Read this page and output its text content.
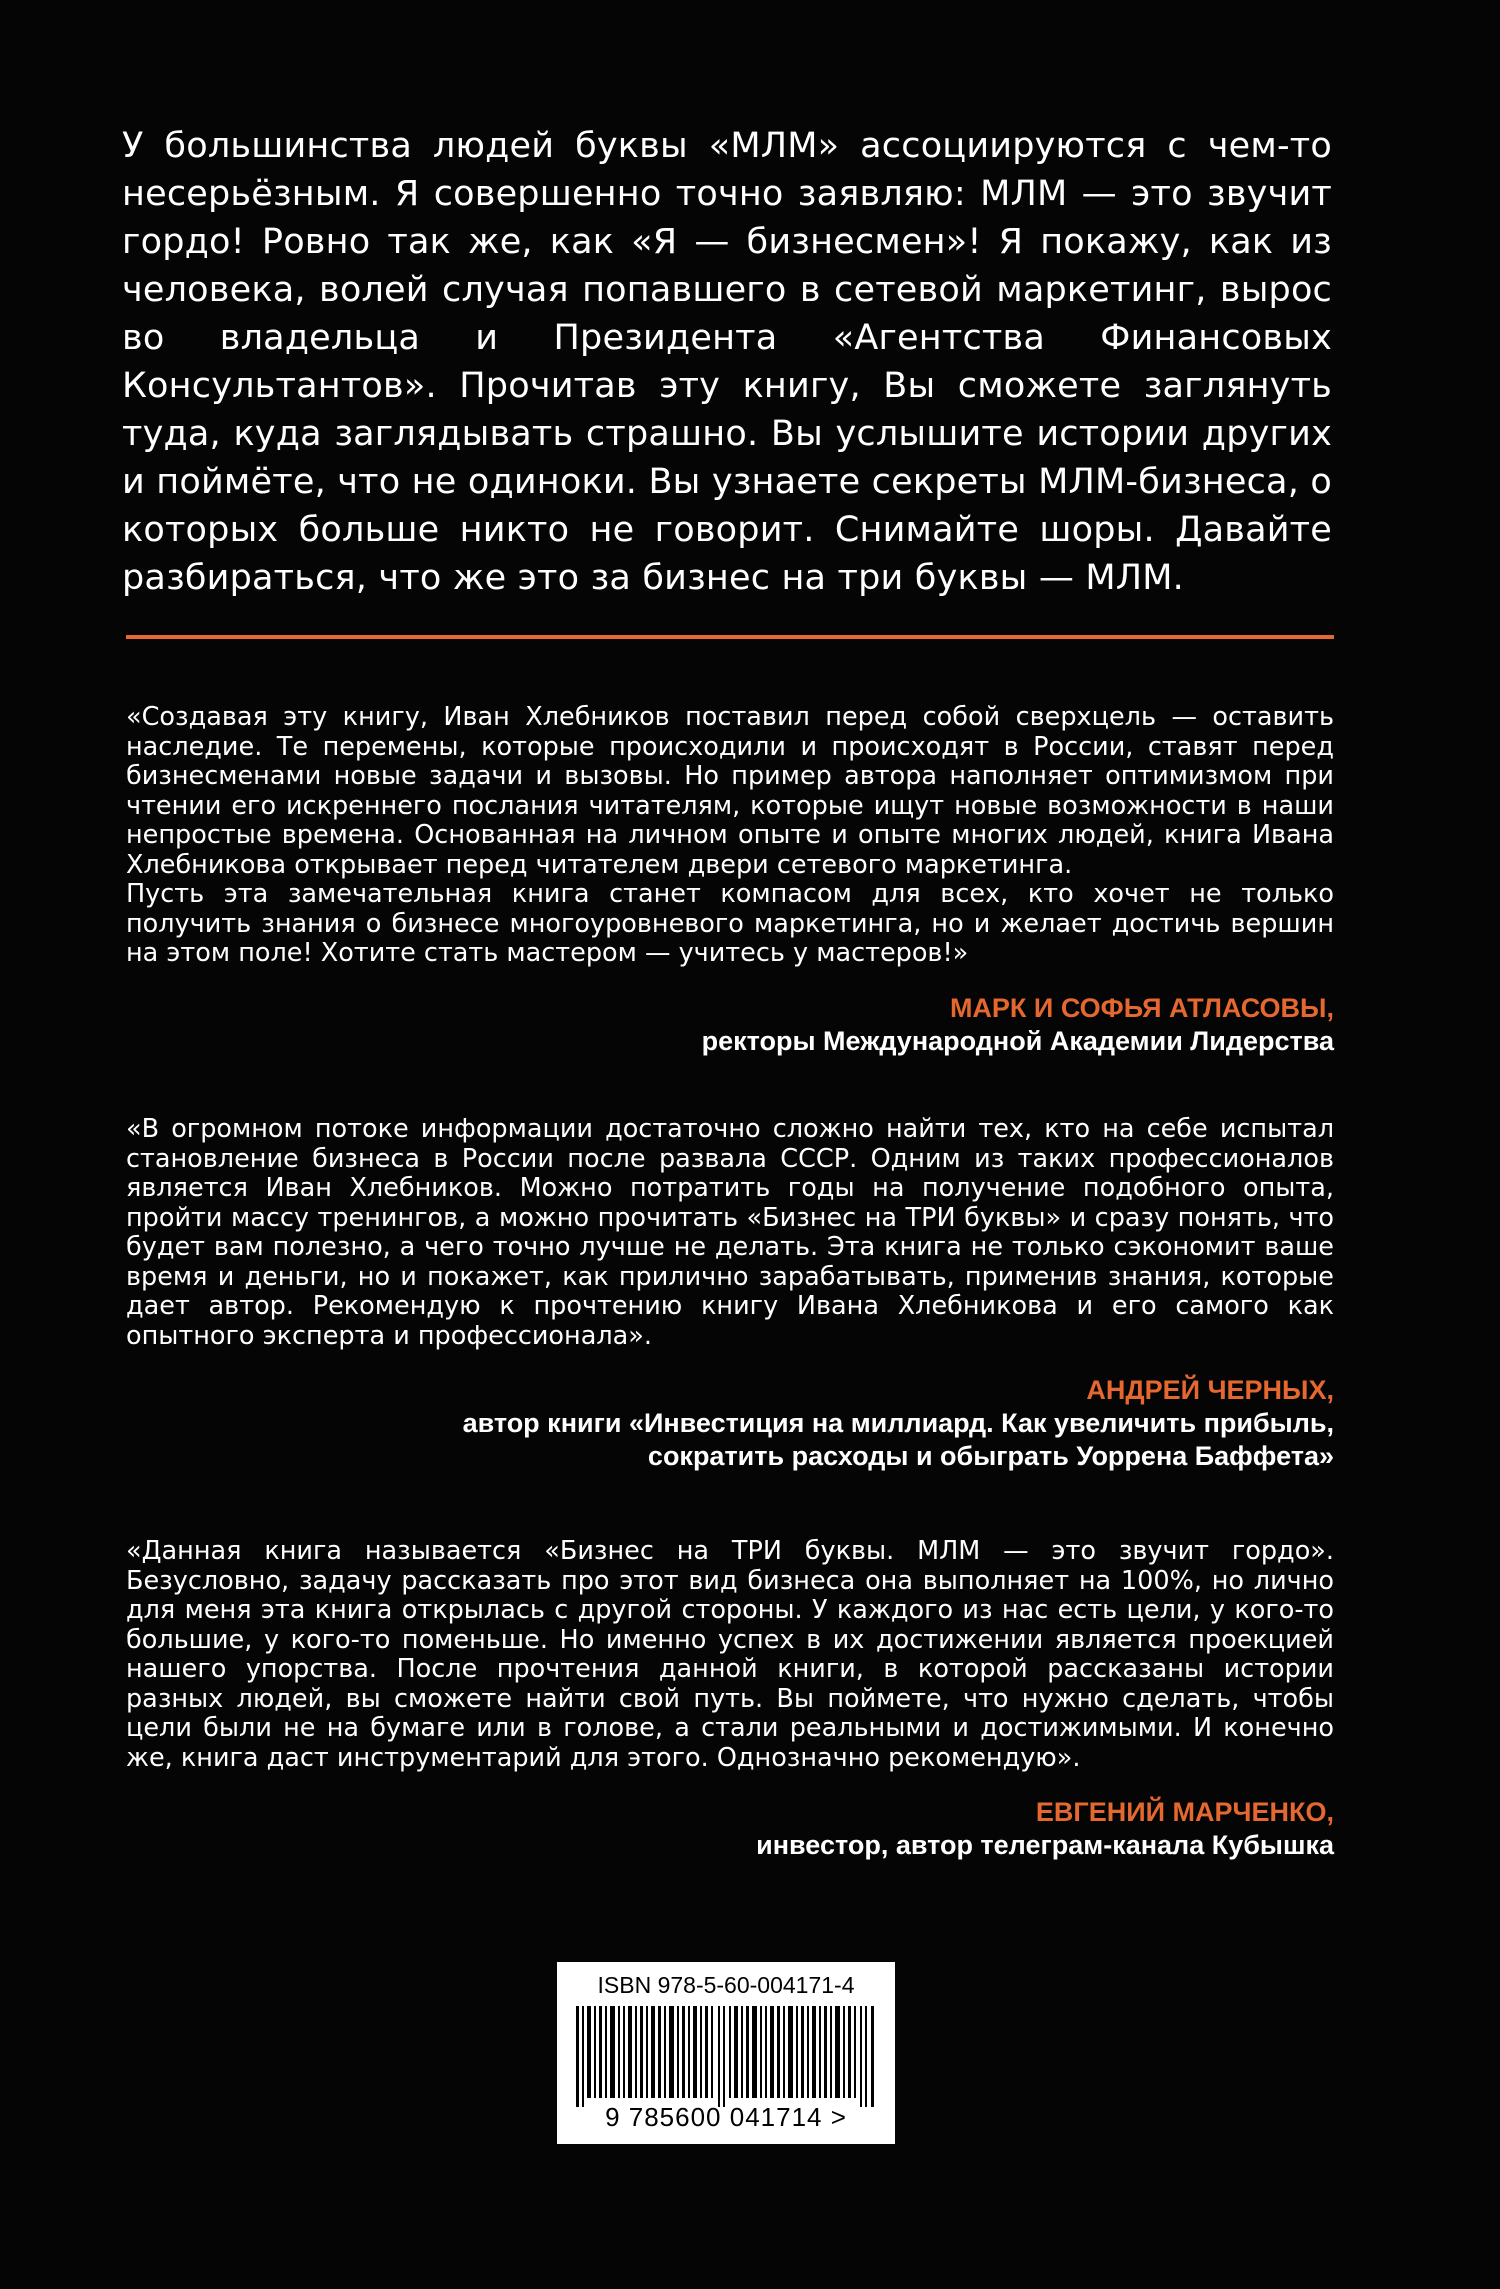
У большинства людей буквы «МЛМ» ассоциируются с чем-то несерьёзным. Я совершенно точно заявляю: МЛМ — это звучит гордо! Ровно так же, как «Я — бизнесмен»! Я покажу, как из человека, волей случая попавшего в сетевой маркетинг, вырос во владельца и Президента «Агентства Финансовых Консультантов». Прочитав эту книгу, Вы сможете заглянуть туда, куда заглядывать страшно. Вы услышите истории других и поймёте, что не одиноки. Вы узнаете секреты МЛМ-бизнеса, о которых больше никто не говорит. Снимайте шоры. Давайте разбираться, что же это за бизнес на три буквы — МЛМ.

«Создавая эту книгу, Иван Хлебников поставил перед собой сверхцель — оставить наследие. Те перемены, которые происходили и происходят в России, ставят перед бизнесменами новые задачи и вызовы. Но пример автора наполняет оптимизмом при чтении его искреннего послания читателям, которые ищут новые возможности в наши непростые времена. Основанная на личном опыте и опыте многих людей, книга Ивана Хлебникова открывает перед читателем двери сетевого маркетинга.

Пусть эта замечательная книга станет компасом для всех, кто хочет не только получить знания о бизнесе многоуровневого маркетинга, но и желает достичь вершин на этом поле! Хотите стать мастером — учитесь у мастеров!»

МАРК И СОФЬЯ АТЛАСОВЫ,
ректоры Международной Академии Лидерства

«В огромном потоке информации достаточно сложно найти тех, кто на себе испытал становление бизнеса в России после развала СССР. Одним из таких профессионалов является Иван Хлебников. Можно потратить годы на получение подобного опыта, пройти массу тренингов, а можно прочитать «Бизнес на ТРИ буквы» и сразу понять, что будет вам полезно, а чего точно лучше не делать. Эта книга не только сэкономит ваше время и деньги, но и покажет, как прилично зарабатывать, применив знания, которые дает автор. Рекомендую к прочтению книгу Ивана Хлебникова и его самого как опытного эксперта и профессионала».

АНДРЕЙ ЧЕРНЫХ,
автор книги «Инвестиция на миллиард. Как увеличить прибыль,
сократить расходы и обыграть Уоррена Баффета»

«Данная книга называется «Бизнес на ТРИ буквы. МЛМ — это звучит гордо». Безусловно, задачу рассказать про этот вид бизнеса она выполняет на 100%, но лично для меня эта книга открылась с другой стороны. У каждого из нас есть цели, у кого-то большие, у кого-то поменьше. Но именно успех в их достижении является проекцией нашего упорства. После прочтения данной книги, в которой рассказаны истории разных людей, вы сможете найти свой путь. Вы поймете, что нужно сделать, чтобы цели были не на бумаге или в голове, а стали реальными и достижимыми. И конечно же, книга даст инструментарий для этого. Однозначно рекомендую».

ЕВГЕНИЙ МАРЧЕНКО,
инвестор, автор телеграм-канала Кубышка
ISBN 978-5-60-004171-4
9 785600 041714 >
